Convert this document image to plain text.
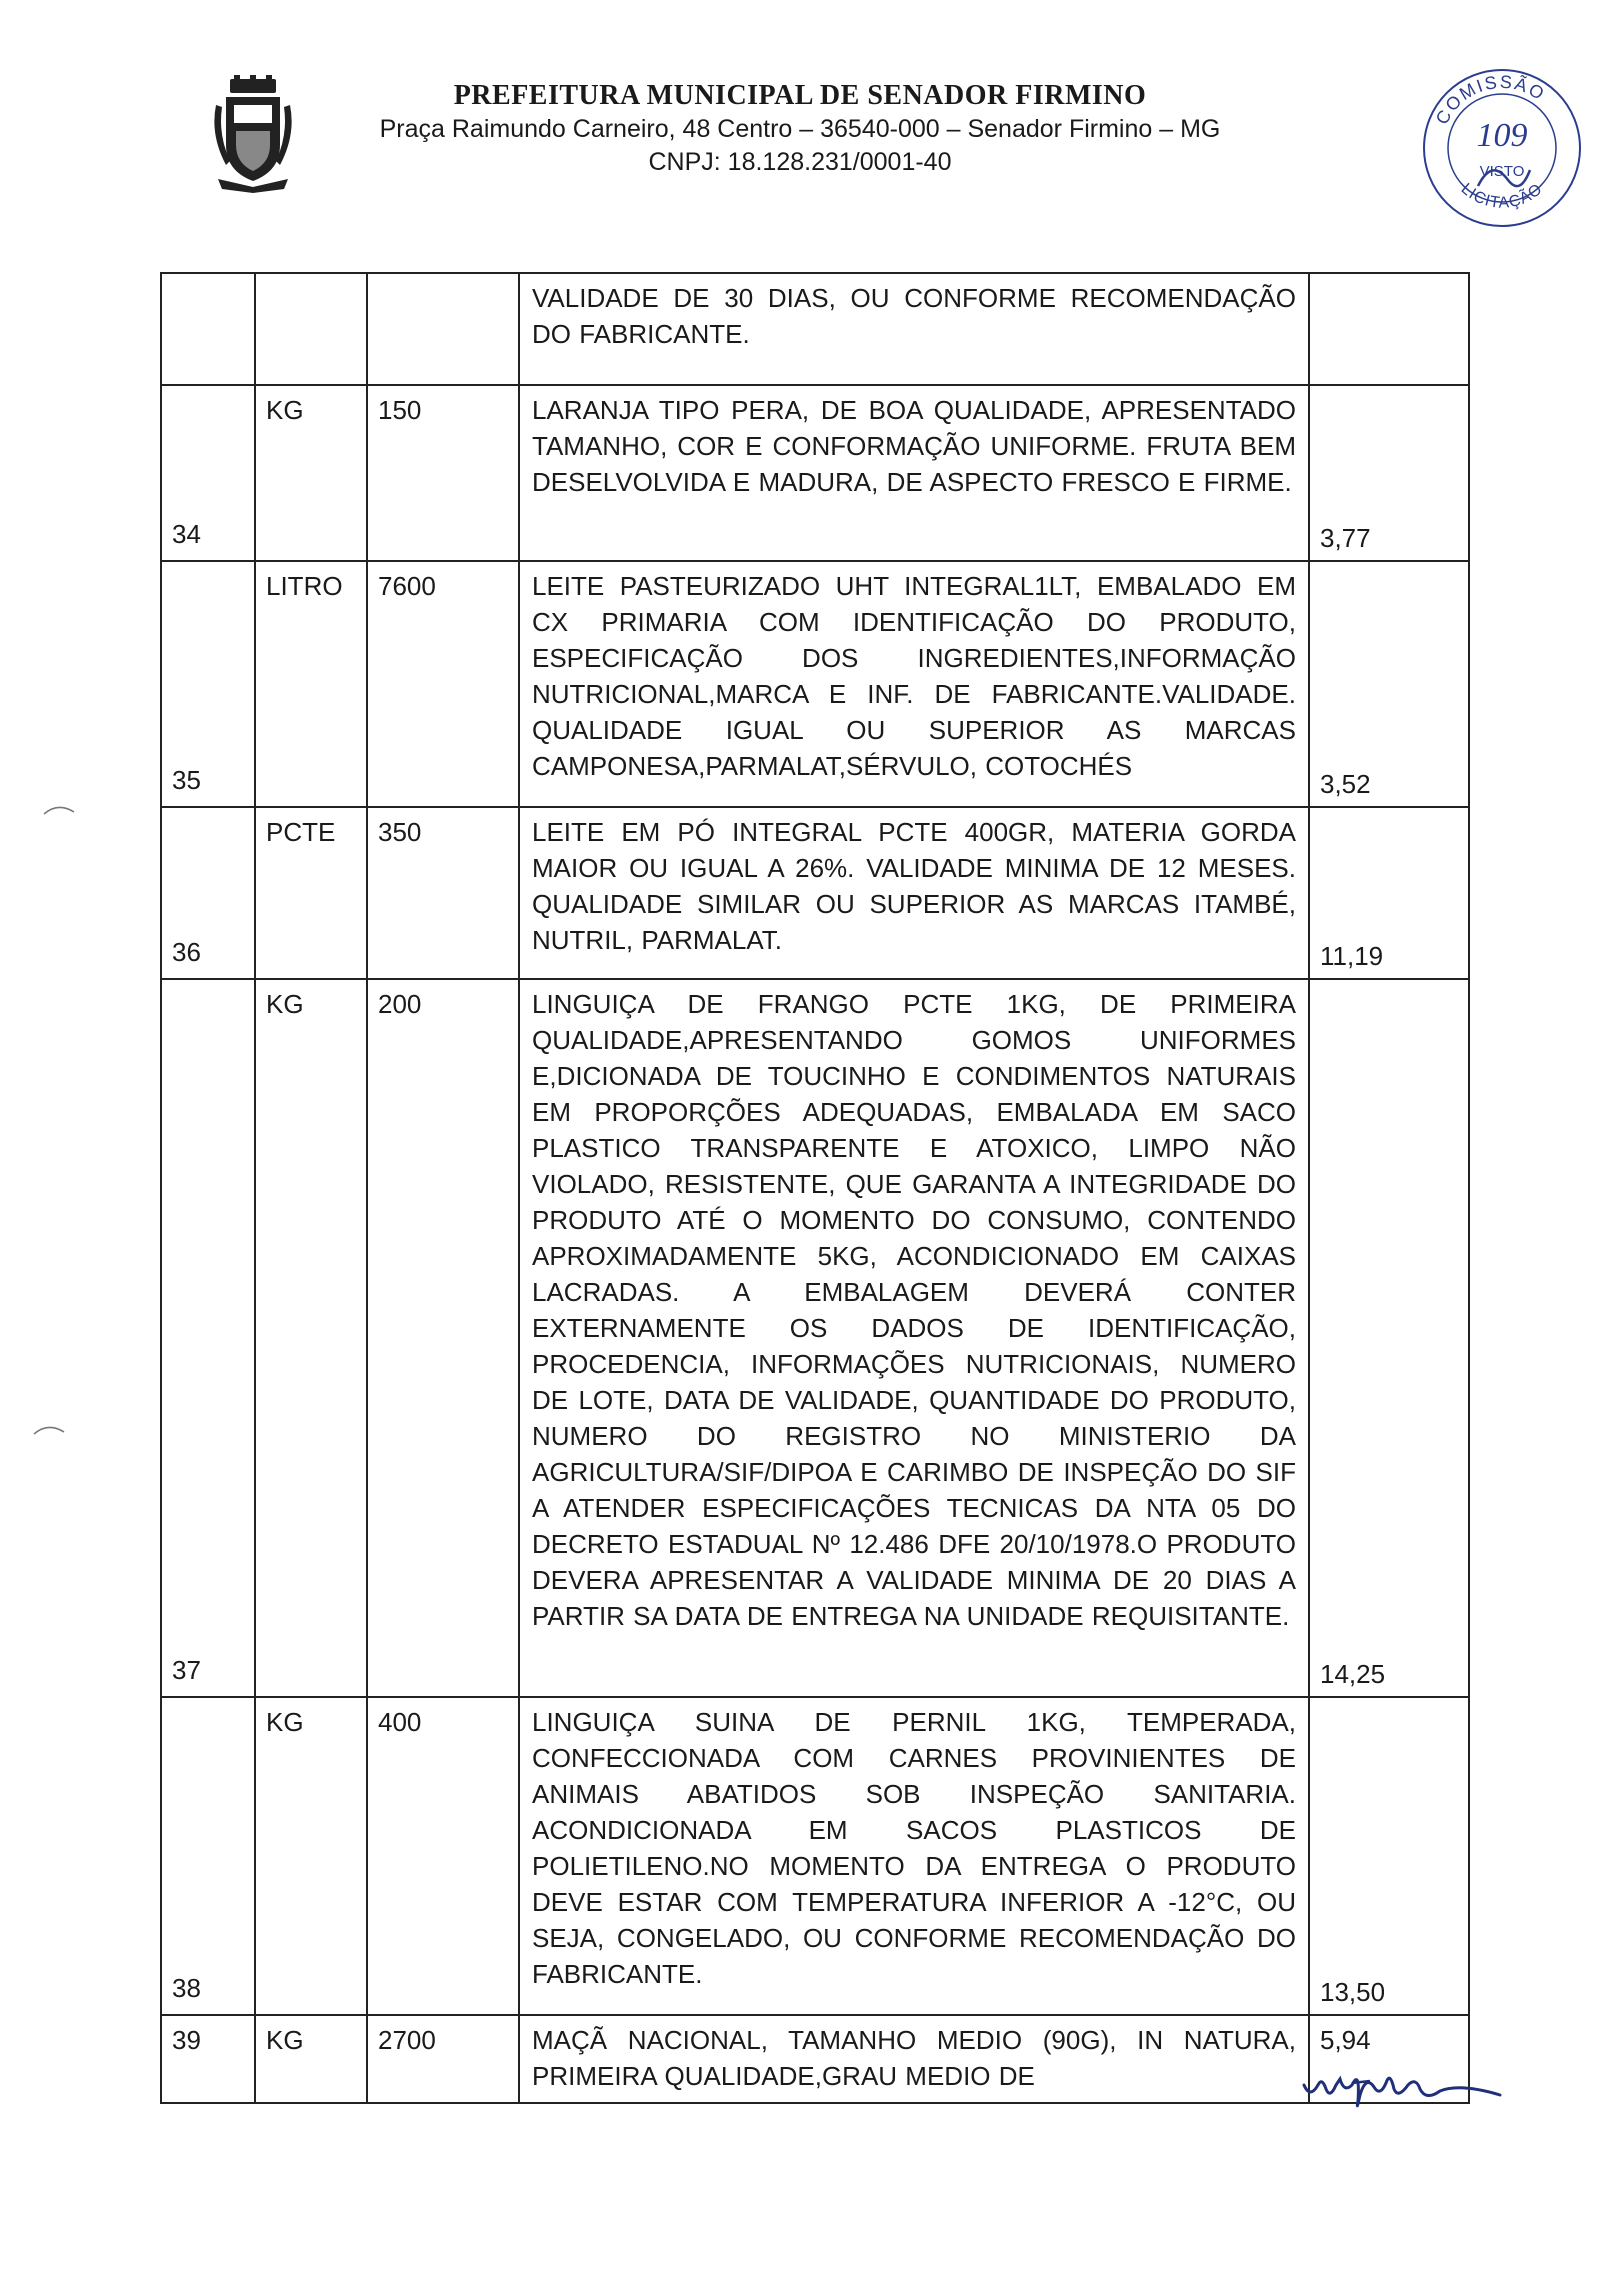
PREFEITURA MUNICIPAL DE SENADOR FIRMINO
Praça Raimundo Carneiro, 48 Centro – 36540-000 – Senador Firmino – MG
CNPJ: 18.128.231/0001-40
COMISSÃO
LICITAÇÃO
109
VISTO

			VALIDADE DE 30 DIAS, OU CONFORME RECOMENDAÇÃO DO FABRICANTE.	

34	KG	150	LARANJA TIPO PERA, DE BOA QUALIDADE, APRESENTADO TAMANHO, COR E CONFORMAÇÃO UNIFORME. FRUTA BEM DESELVOLVIDA E MADURA, DE ASPECTO FRESCO E FIRME.	3,77

35	LITRO	7600	LEITE PASTEURIZADO UHT INTEGRAL1LT, EMBALADO EM CX PRIMARIA COM IDENTIFICAÇÃO DO PRODUTO, ESPECIFICAÇÃO DOS INGREDIENTES,INFORMAÇÃO NUTRICIONAL,MARCA E INF. DE FABRICANTE.VALIDADE. QUALIDADE IGUAL OU SUPERIOR AS MARCAS CAMPONESA,PARMALAT,SÉRVULO, COTOCHÉS	3,52

36	PCTE	350	LEITE EM PÓ INTEGRAL PCTE 400GR, MATERIA GORDA MAIOR OU IGUAL A 26%. VALIDADE MINIMA DE 12 MESES. QUALIDADE SIMILAR OU SUPERIOR AS MARCAS ITAMBÉ, NUTRIL, PARMALAT.	11,19

37	KG	200	LINGUIÇA DE FRANGO PCTE 1KG, DE PRIMEIRA QUALIDADE,APRESENTANDO GOMOS UNIFORMES E,DICIONADA DE TOUCINHO E CONDIMENTOS NATURAIS EM PROPORÇÕES ADEQUADAS, EMBALADA EM SACO PLASTICO TRANSPARENTE E ATOXICO, LIMPO NÃO VIOLADO, RESISTENTE, QUE GARANTA A INTEGRIDADE DO PRODUTO ATÉ O MOMENTO DO CONSUMO, CONTENDO APROXIMADAMENTE 5KG, ACONDICIONADO EM CAIXAS LACRADAS. A EMBALAGEM DEVERÁ CONTER EXTERNAMENTE OS DADOS DE IDENTIFICAÇÃO, PROCEDENCIA, INFORMAÇÕES NUTRICIONAIS, NUMERO DE LOTE, DATA DE VALIDADE, QUANTIDADE DO PRODUTO, NUMERO DO REGISTRO NO MINISTERIO DA AGRICULTURA/SIF/DIPOA E CARIMBO DE INSPEÇÃO DO SIF A ATENDER ESPECIFICAÇÕES TECNICAS DA NTA 05 DO DECRETO ESTADUAL Nº 12.486 DFE 20/10/1978.O PRODUTO DEVERA APRESENTAR A VALIDADE MINIMA DE 20 DIAS A PARTIR SA DATA DE ENTREGA NA UNIDADE REQUISITANTE.	14,25

38	KG	400	LINGUIÇA SUINA DE PERNIL 1KG, TEMPERADA, CONFECCIONADA COM CARNES PROVINIENTES DE ANIMAIS ABATIDOS SOB INSPEÇÃO SANITARIA. ACONDICIONADA EM SACOS PLASTICOS DE POLIETILENO.NO MOMENTO DA ENTREGA O PRODUTO DEVE ESTAR COM TEMPERATURA INFERIOR A -12°C, OU SEJA, CONGELADO, OU CONFORME RECOMENDAÇÃO DO FABRICANTE.	13,50

39	KG	2700	MAÇÃ NACIONAL, TAMANHO MEDIO (90G), IN NATURA, PRIMEIRA QUALIDADE,GRAU MEDIO DE	5,94
